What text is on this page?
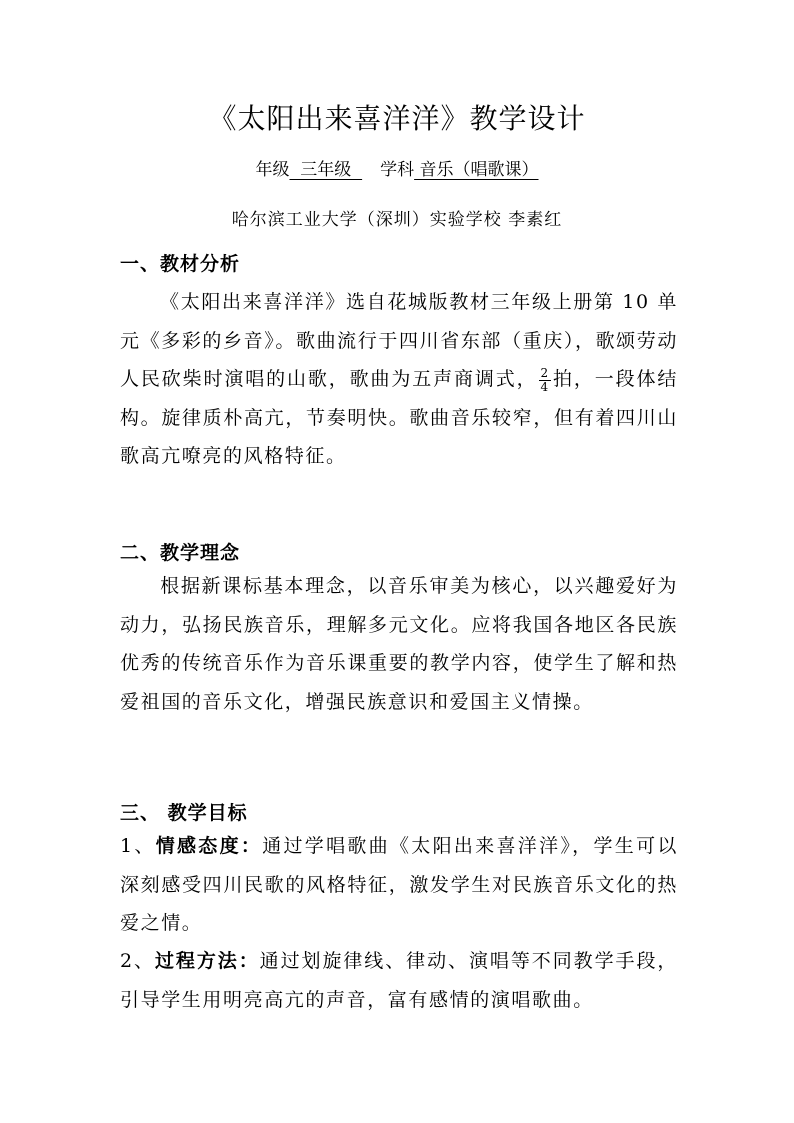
《太阳出来喜洋洋》教学设计
年级  三年级  学科 音乐（唱歌课）
哈尔滨工业大学（深圳）实验学校 李素红
一、教材分析
《太阳出来喜洋洋》选自花城版教材三年级上册第 10 单元《多彩的乡音》。歌曲流行于四川省东部（重庆），歌颂劳动人民砍柴时演唱的山歌，歌曲为五声商调式， $\frac{2}{4}$ 拍，一段体结构。旋律质朴高亢，节奏明快。歌曲音乐较窄，但有着四川山歌高亢嘹亮的风格特征。
二、教学理念
根据新课标基本理念，以音乐审美为核心，以兴趣爱好为动力，弘扬民族音乐，理解多元文化。应将我国各地区各民族优秀的传统音乐作为音乐课重要的教学内容，使学生了解和热爱祖国的音乐文化，增强民族意识和爱国主义情操。
三、 教学目标
1、情感态度：通过学唱歌曲《太阳出来喜洋洋》，学生可以深刻感受四川民歌的风格特征，激发学生对民族音乐文化的热爱之情。
2、过程方法：通过划旋律线、律动、演唱等不同教学手段，引导学生用明亮高亢的声音，富有感情的演唱歌曲。
